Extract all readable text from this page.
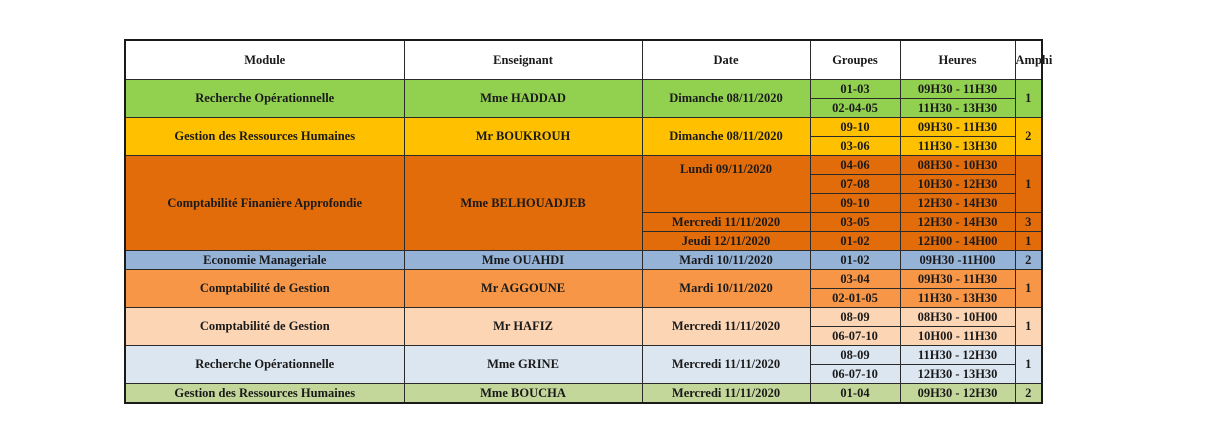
Module	Enseignant	Date	Groupes	Heures	Amphi
Recherche Opérationnelle	Mme HADDAD	Dimanche 08/11/2020	01-03	09H30 - 11H30	1
			02-04-05	11H30 - 13H30	
Gestion des Ressources Humaines	Mr BOUKROUH	Dimanche 08/11/2020	09-10	09H30 - 11H30	2
			03-06	11H30 - 13H30	
Comptabilité Finanière Approfondie	Mme BELHOUADJEB	Lundi 09/11/2020	04-06	08H30 - 10H30	1
			07-08	10H30 - 12H30	
			09-10	12H30 - 14H30	
		Mercredi 11/11/2020	03-05	12H30 - 14H30	3
		Jeudi 12/11/2020	01-02	12H00 - 14H00	1
Economie Manageriale	Mme OUAHDI	Mardi 10/11/2020	01-02	09H30 -11H00	2
Comptabilité de Gestion	Mr AGGOUNE	Mardi 10/11/2020	03-04	09H30 - 11H30	1
			02-01-05	11H30 - 13H30	
Comptabilité de Gestion	Mr HAFIZ	Mercredi 11/11/2020	08-09	08H30 - 10H00	1
			06-07-10	10H00 - 11H30	
Recherche Opérationnelle	Mme GRINE	Mercredi 11/11/2020	08-09	11H30 - 12H30	1
			06-07-10	12H30 - 13H30	
Gestion des Ressources Humaines	Mme BOUCHA	Mercredi 11/11/2020	01-04	09H30 - 12H30	2
